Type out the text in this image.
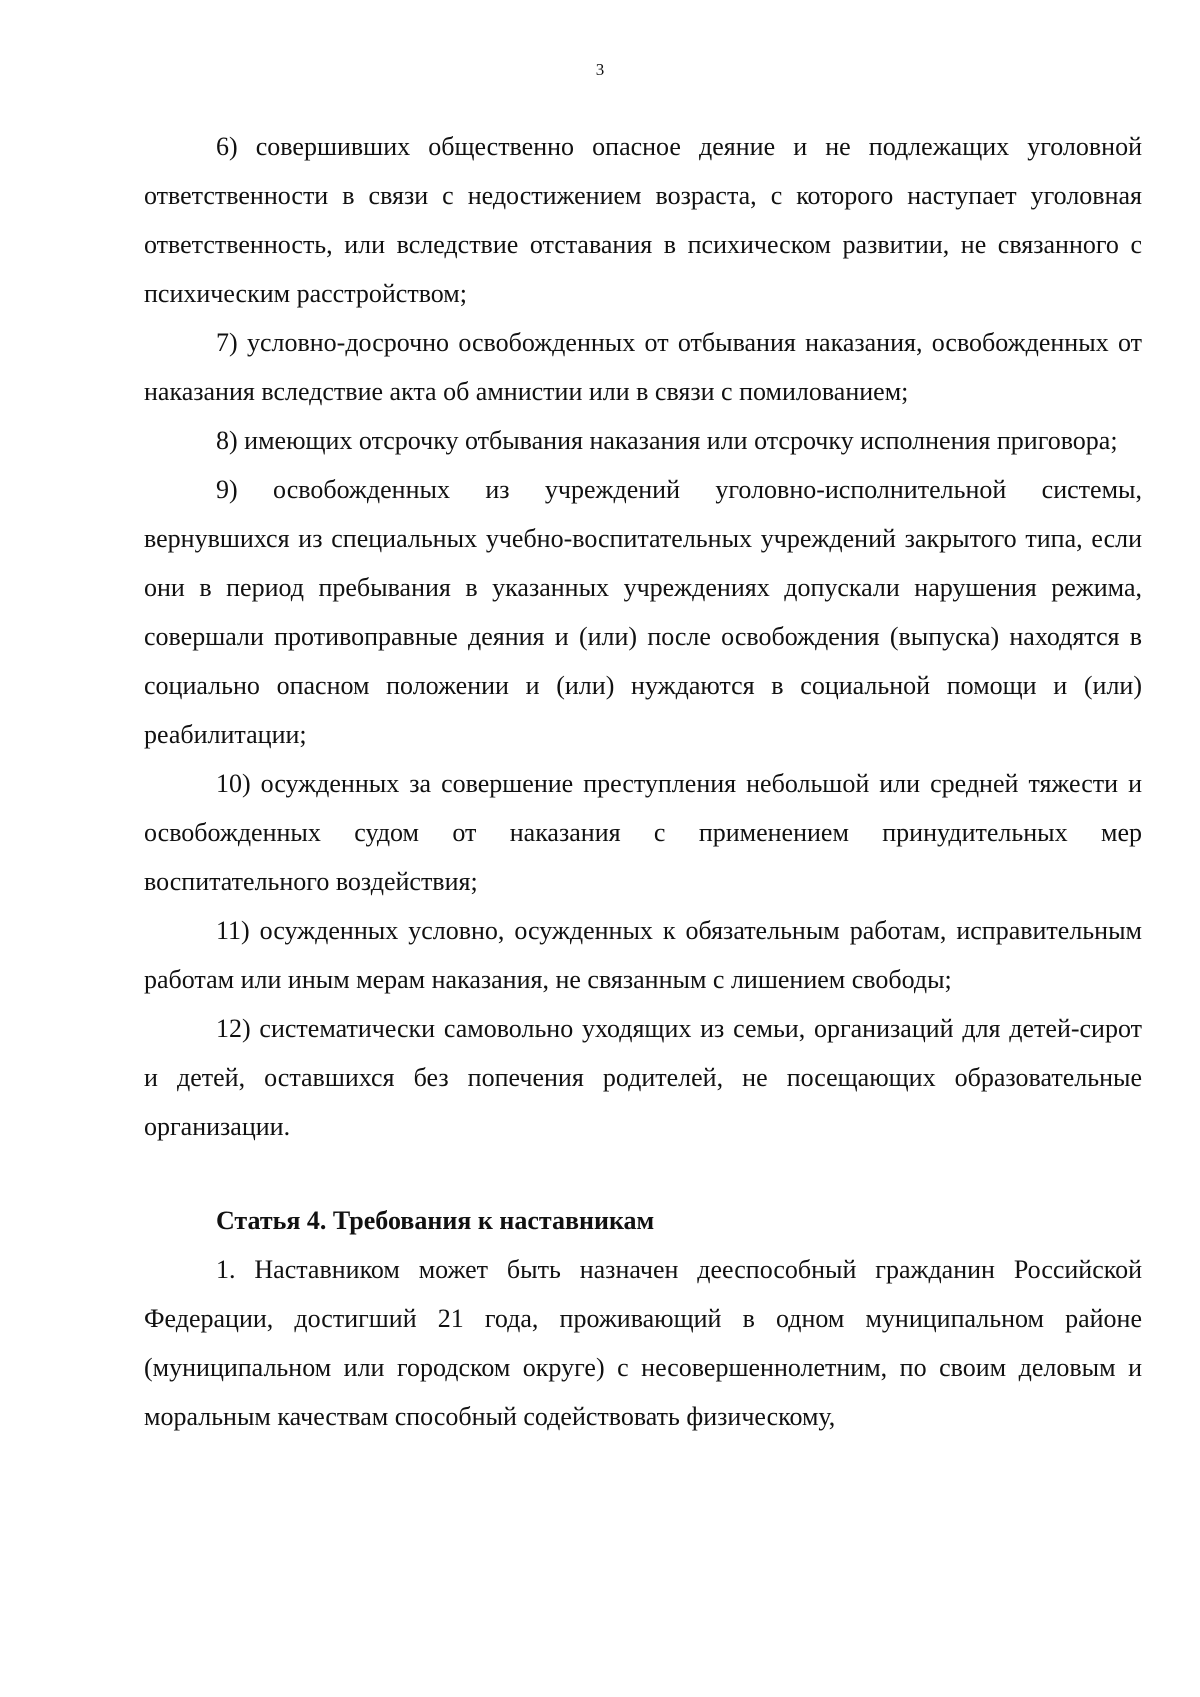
3

6) совершивших общественно опасное деяние и не подлежащих уголовной ответственности в связи с недостижением возраста, с которого наступает уголовная ответственность, или вследствие отставания в психическом развитии, не связанного с психическим расстройством;

7) условно-досрочно освобожденных от отбывания наказания, освобожденных от наказания вследствие акта об амнистии или в связи с помилованием;

8) имеющих отсрочку отбывания наказания или отсрочку исполнения приговора;

9) освобожденных из учреждений уголовно-исполнительной системы, вернувшихся из специальных учебно-воспитательных учреждений закрытого типа, если они в период пребывания в указанных учреждениях допускали нарушения режима, совершали противоправные деяния и (или) после освобождения (выпуска) находятся в социально опасном положении и (или) нуждаются в социальной помощи и (или) реабилитации;

10) осужденных за совершение преступления небольшой или средней тяжести и освобожденных судом от наказания с применением принудительных мер воспитательного воздействия;

11) осужденных условно, осужденных к обязательным работам, исправительным работам или иным мерам наказания, не связанным с лишением свободы;

12) систематически самовольно уходящих из семьи, организаций для детей-сирот и детей, оставшихся без попечения родителей, не посещающих образовательные организации.

Статья 4. Требования к наставникам

1. Наставником может быть назначен дееспособный гражданин Российской Федерации, достигший 21 года, проживающий в одном муниципальном районе (муниципальном или городском округе) с несовершеннолетним, по своим деловым и моральным качествам способный содействовать физическому,
